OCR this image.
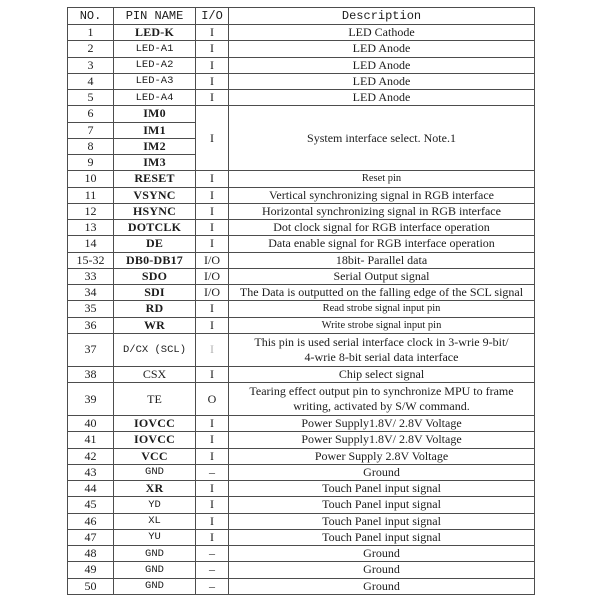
NO.	PIN NAME	I/O	Description
1	LED-K	I	LED Cathode
2	LED-A1	I	LED Anode
3	LED-A2	I	LED Anode
4	LED-A3	I	LED Anode
5	LED-A4	I	LED Anode
6	IM0	I	System interface select. Note.1
7	IM1		
8	IM2		
9	IM3		
10	RESET	I	Reset pin
11	VSYNC	I	Vertical synchronizing signal in RGB interface
12	HSYNC	I	Horizontal synchronizing signal in RGB interface
13	DOTCLK	I	Dot clock signal for RGB interface operation
14	DE	I	Data enable signal for RGB interface operation
15-32	DB0-DB17	I/O	18bit- Parallel data
33	SDO	I/O	Serial Output signal
34	SDI	I/O	The Data is outputted on the falling edge of the SCL signal
35	RD	I	Read strobe signal input pin
36	WR	I	Write strobe signal input pin
37	D/CX (SCL)	I	This pin is used serial interface clock in 3-wrie 9-bit/
4-wrie 8-bit serial data interface
38	CSX	I	Chip select signal
39	TE	O	Tearing effect output pin to synchronize MPU to frame
writing, activated by S/W command.
40	IOVCC	I	Power Supply1.8V/ 2.8V Voltage
41	IOVCC	I	Power Supply1.8V/ 2.8V Voltage
42	VCC	I	Power Supply 2.8V Voltage
43	GND	–	Ground
44	XR	I	Touch Panel input signal
45	YD	I	Touch Panel input signal
46	XL	I	Touch Panel input signal
47	YU	I	Touch Panel input signal
48	GND	–	Ground
49	GND	–	Ground
50	GND	–	Ground
